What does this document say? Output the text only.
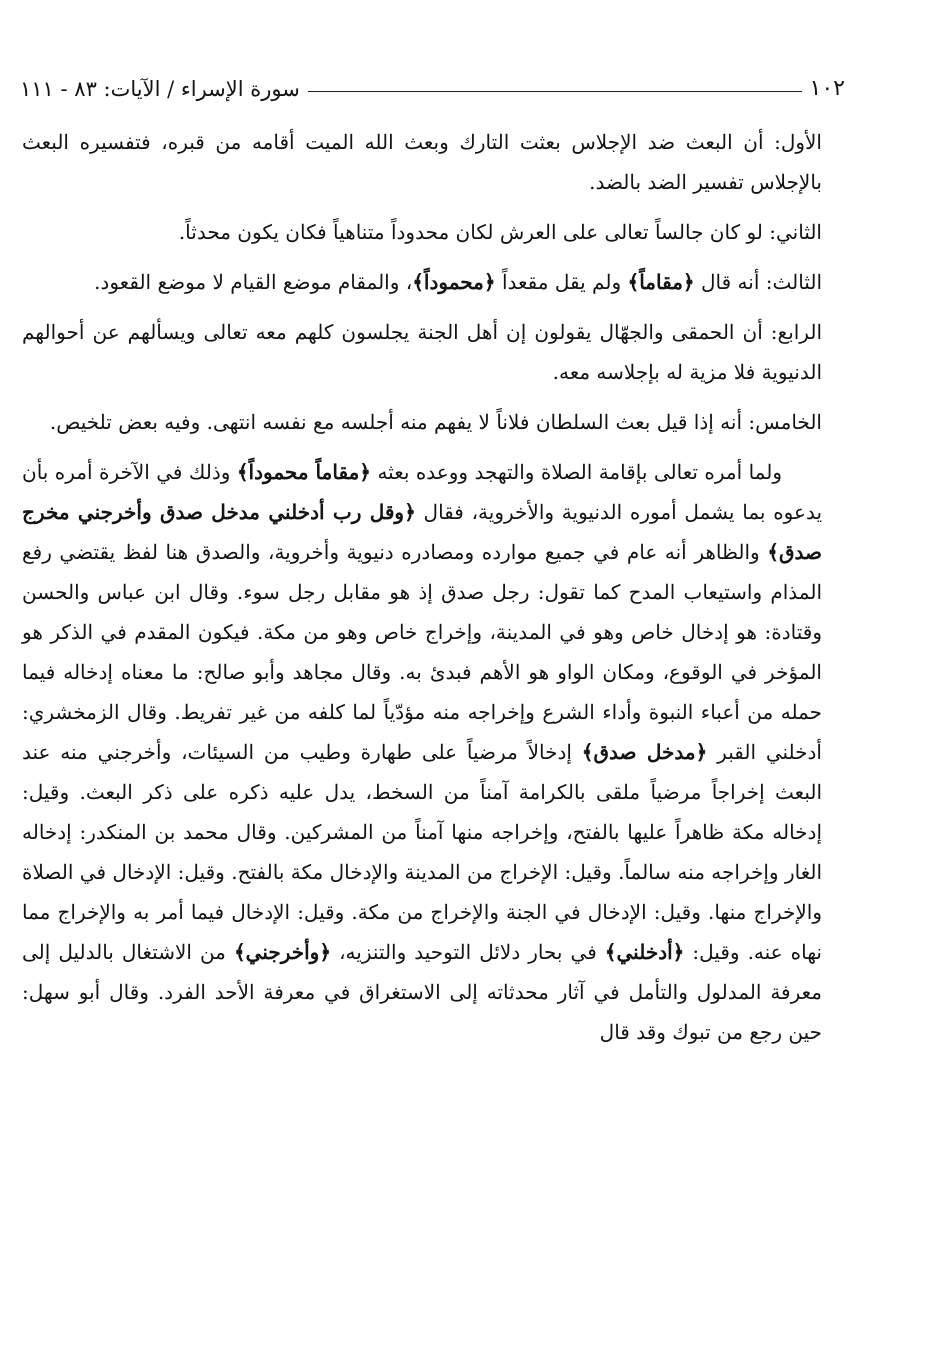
سورة الإسراء / الآيات: ٨٣ - ١١١	١٠٢

الأول: أن البعث ضد الإجلاس بعثت التارك وبعث الله الميت أقامه من قبره، فتفسيره البعث بالإجلاس تفسير الضد بالضد.

الثاني: لو كان جالساً تعالى على العرش لكان محدوداً متناهياً فكان يكون محدثاً.

الثالث: أنه قال ﴿مقاماً﴾ ولم يقل مقعداً ﴿محموداً﴾، والمقام موضع القيام لا موضع القعود.

الرابع: أن الحمقى والجهّال يقولون إن أهل الجنة يجلسون كلهم معه تعالى ويسألهم عن أحوالهم الدنيوية فلا مزية له بإجلاسه معه.

الخامس: أنه إذا قيل بعث السلطان فلاناً لا يفهم منه أجلسه مع نفسه انتهى. وفيه بعض تلخيص.

ولما أمره تعالى بإقامة الصلاة والتهجد ووعده بعثه ﴿مقاماً محموداً﴾ وذلك في الآخرة أمره بأن يدعوه بما يشمل أموره الدنيوية والأخروية، فقال ﴿وقل رب أدخلني مدخل صدق وأخرجني مخرج صدق﴾ والظاهر أنه عام في جميع موارده ومصادره دنيوية وأخروية، والصدق هنا لفظ يقتضي رفع المذام واستيعاب المدح كما تقول: رجل صدق إذ هو مقابل رجل سوء. وقال ابن عباس والحسن وقتادة: هو إدخال خاص وهو في المدينة، وإخراج خاص وهو من مكة. فيكون المقدم في الذكر هو المؤخر في الوقوع، ومكان الواو هو الأهم فبدئ به. وقال مجاهد وأبو صالح: ما معناه إدخاله فيما حمله من أعباء النبوة وأداء الشرع وإخراجه منه مؤدّياً لما كلفه من غير تفريط. وقال الزمخشري: أدخلني القبر ﴿مدخل صدق﴾ إدخالاً مرضياً على طهارة وطيب من السيئات، وأخرجني منه عند البعث إخراجاً مرضياً ملقى بالكرامة آمناً من السخط، يدل عليه ذكره على ذكر البعث. وقيل: إدخاله مكة ظاهراً عليها بالفتح، وإخراجه منها آمناً من المشركين. وقال محمد بن المنكدر: إدخاله الغار وإخراجه منه سالماً. وقيل: الإخراج من المدينة والإدخال مكة بالفتح. وقيل: الإدخال في الصلاة والإخراج منها. وقيل: الإدخال في الجنة والإخراج من مكة. وقيل: الإدخال فيما أمر به والإخراج مما نهاه عنه. وقيل: ﴿أدخلني﴾ في بحار دلائل التوحيد والتنزيه، ﴿وأخرجني﴾ من الاشتغال بالدليل إلى معرفة المدلول والتأمل في آثار محدثاته إلى الاستغراق في معرفة الأحد الفرد. وقال أبو سهل: حين رجع من تبوك وقد قال
